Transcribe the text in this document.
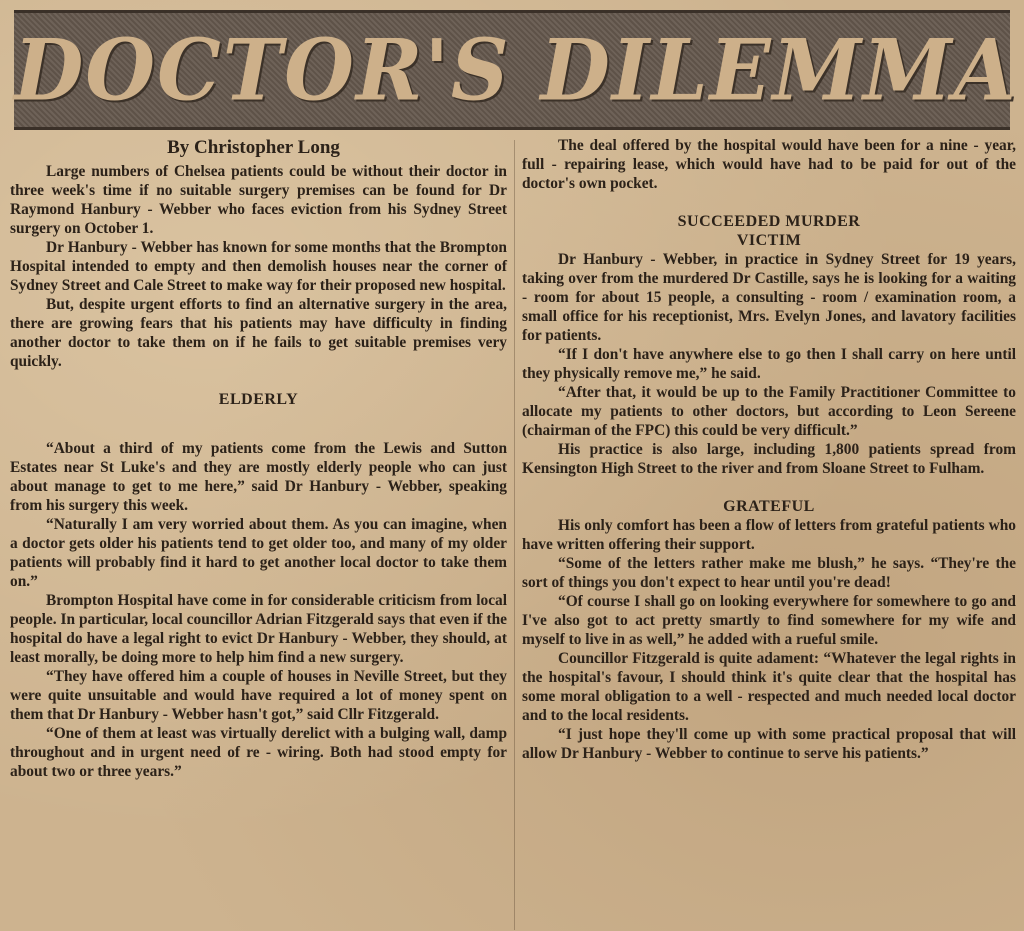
DOCTOR'S DILEMMA
By Christopher Long

Large numbers of Chelsea patients could be without their doctor in three week's time if no suitable surgery premises can be found for Dr Raymond Hanbury - Webber who faces eviction from his Sydney Street surgery on October 1.

Dr Hanbury - Webber has known for some months that the Brompton Hospital intended to empty and then demolish houses near the corner of Sydney Street and Cale Street to make way for their proposed new hospital.

But, despite urgent efforts to find an alternative surgery in the area, there are growing fears that his patients may have difficulty in finding another doctor to take them on if he fails to get suitable premises very quickly.

ELDERLY

“About a third of my patients come from the Lewis and Sutton Estates near St Luke's and they are mostly elderly people who can just about manage to get to me here,” said Dr Hanbury - Webber, speaking from his surgery this week.

“Naturally I am very worried about them. As you can imagine, when a doctor gets older his patients tend to get older too, and many of my older patients will probably find it hard to get another local doctor to take them on.”

Brompton Hospital have come in for considerable criticism from local people. In particular, local councillor Adrian Fitzgerald says that even if the hospital do have a legal right to evict Dr Hanbury - Webber, they should, at least morally, be doing more to help him find a new surgery.

“They have offered him a couple of houses in Neville Street, but they were quite unsuitable and would have required a lot of money spent on them that Dr Hanbury - Webber hasn't got,” said Cllr Fitzgerald.

“One of them at least was virtually derelict with a bulging wall, damp throughout and in urgent need of re - wiring. Both had stood empty for about two or three years.”

The deal offered by the hospital would have been for a nine - year, full - repairing lease, which would have had to be paid for out of the doctor's own pocket.

SUCCEEDED MURDER
VICTIM

Dr Hanbury - Webber, in practice in Sydney Street for 19 years, taking over from the murdered Dr Castille, says he is looking for a waiting - room for about 15 people, a consulting - room / examination room, a small office for his receptionist, Mrs. Evelyn Jones, and lavatory facilities for patients.

“If I don't have anywhere else to go then I shall carry on here until they physically remove me,” he said.

“After that, it would be up to the Family Practitioner Committee to allocate my patients to other doctors, but according to Leon Sereene (chairman of the FPC) this could be very difficult.”

His practice is also large, including 1,800 patients spread from Kensington High Street to the river and from Sloane Street to Fulham.

GRATEFUL

His only comfort has been a flow of letters from grateful patients who have written offering their support.

“Some of the letters rather make me blush,” he says. “They're the sort of things you don't expect to hear until you're dead!

“Of course I shall go on looking everywhere for somewhere to go and I've also got to act pretty smartly to find somewhere for my wife and myself to live in as well,” he added with a rueful smile.

Councillor Fitzgerald is quite adament: “Whatever the legal rights in the hospital's favour, I should think it's quite clear that the hospital has some moral obligation to a well - respected and much needed local doctor and to the local residents.

“I just hope they'll come up with some practical proposal that will allow Dr Hanbury - Webber to continue to serve his patients.”
